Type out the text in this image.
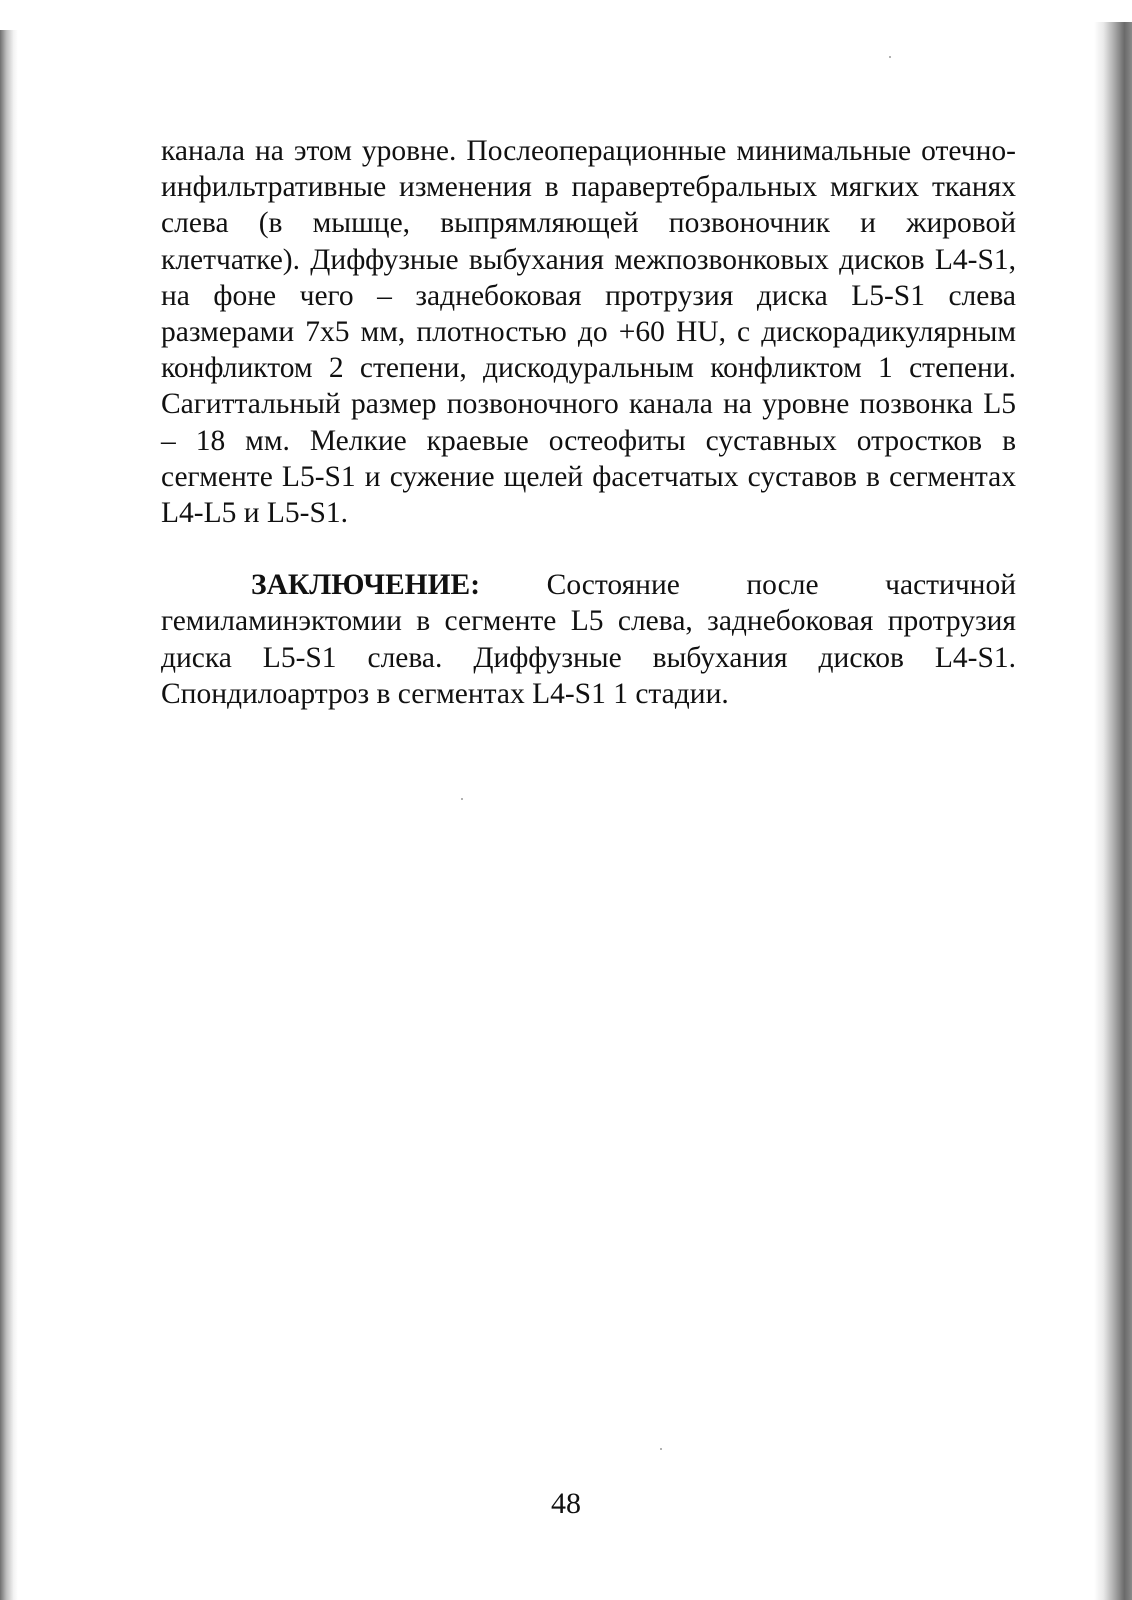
канала на этом уровне. Послеоперационные минимальные отечно-инфильтративные изменения в паравертебральных мягких тканях слева (в мышце, выпрямляющей позвоночник и жировой клетчатке). Диффузные выбухания межпозвонковых дисков L4-S1, на фоне чего – заднебоковая протрузия диска L5-S1 слева размерами 7x5 мм, плотностью до +60 HU, с дискорадикулярным конфликтом 2 степени, дискодуральным конфликтом 1 степени. Сагиттальный размер позвоночного канала на уровне позвонка L5 – 18 мм. Мелкие краевые остеофиты суставных отростков в сегменте L5-S1 и сужение щелей фасетчатых суставов в сегментах L4-L5 и L5-S1.

ЗАКЛЮЧЕНИЕ: Состояние после частичной гемиламинэктомии в сегменте L5 слева, заднебоковая протрузия диска L5-S1 слева. Диффузные выбухания дисков L4-S1. Спондилоартроз в сегментах L4-S1 1 стадии.

48
